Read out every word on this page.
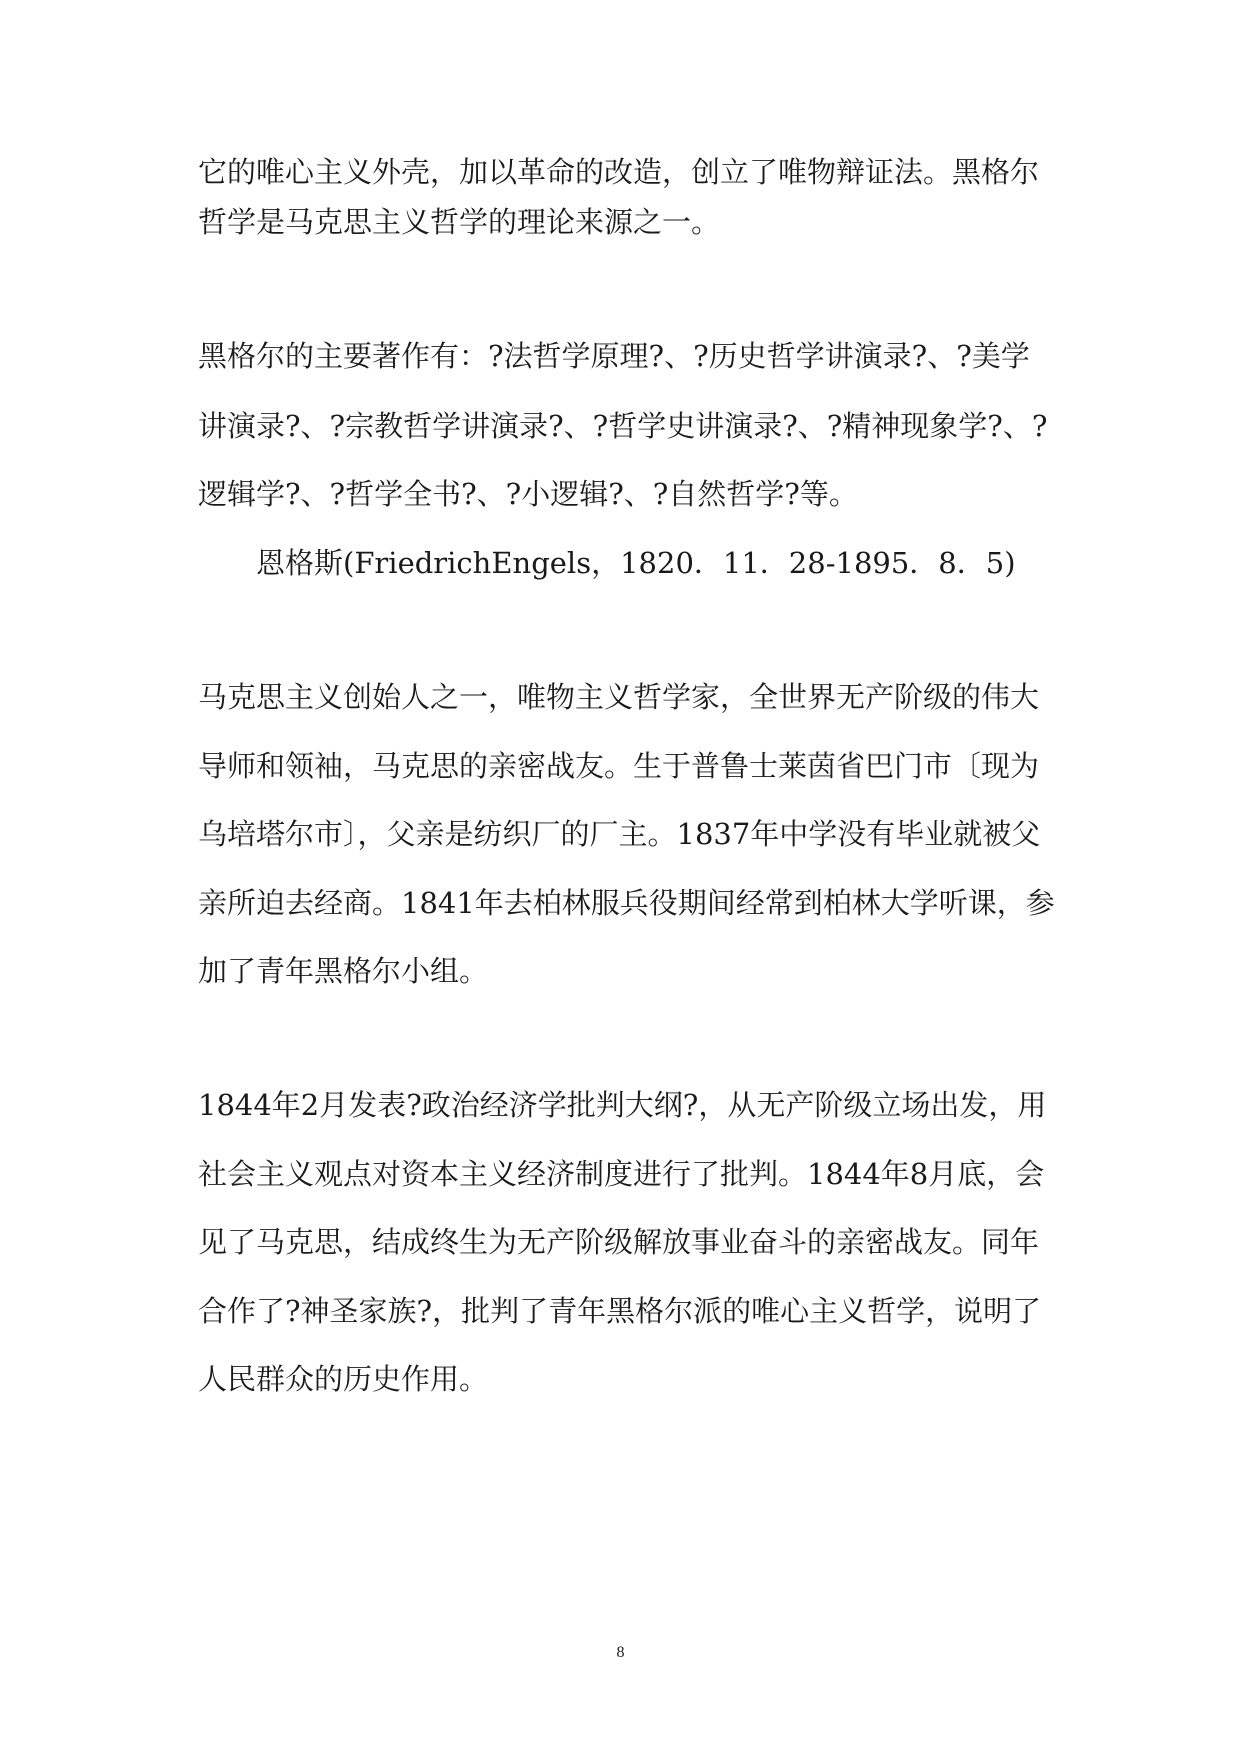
它的唯心主义外壳，加以革命的改造，创立了唯物辩证法。黑格尔
哲学是马克思主义哲学的理论来源之一。
黑格尔的主要著作有：?法哲学原理?、?历史哲学讲演录?、?美学
讲演录?、?宗教哲学讲演录?、?哲学史讲演录?、?精神现象学?、?
逻辑学?、?哲学全书?、?小逻辑?、?自然哲学?等。
恩格斯(FriedrichEngels，1820．11．28-1895．8．5)
马克思主义创始人之一，唯物主义哲学家，全世界无产阶级的伟大
导师和领袖，马克思的亲密战友。生于普鲁士莱茵省巴门市〔现为
乌培塔尔市〕，父亲是纺织厂的厂主。1837年中学没有毕业就被父
亲所迫去经商。1841年去柏林服兵役期间经常到柏林大学听课，参
加了青年黑格尔小组。
1844年2月发表?政治经济学批判大纲?，从无产阶级立场出发，用
社会主义观点对资本主义经济制度进行了批判。1844年8月底，会
见了马克思，结成终生为无产阶级解放事业奋斗的亲密战友。同年
合作了?神圣家族?，批判了青年黑格尔派的唯心主义哲学，说明了
人民群众的历史作用。
8
